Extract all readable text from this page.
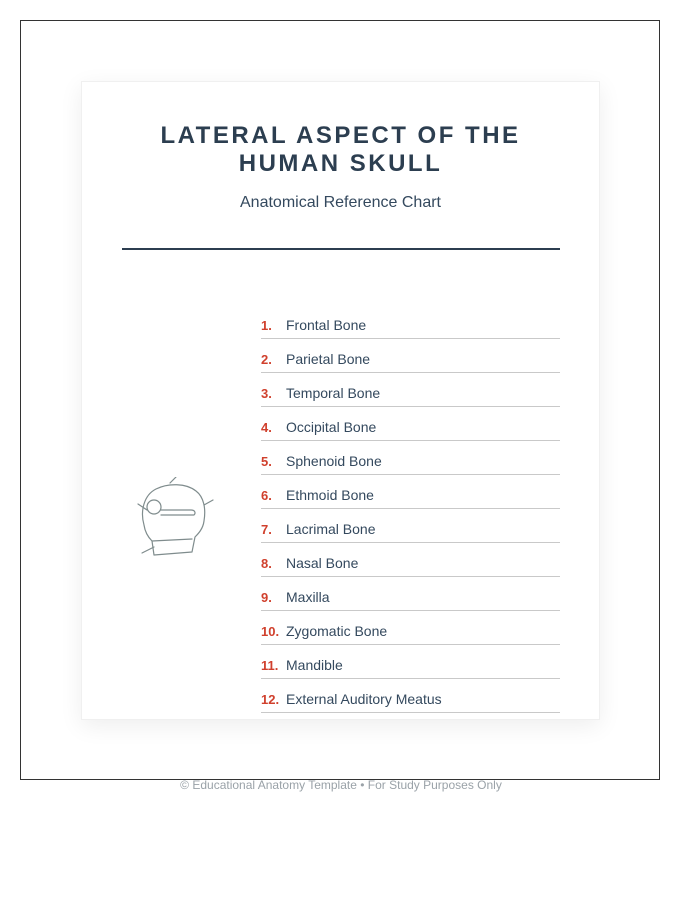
LATERAL ASPECT OF THE
HUMAN SKULL
Anatomical Reference Chart
1. Frontal Bone
2. Parietal Bone
3. Temporal Bone
4. Occipital Bone
5. Sphenoid Bone
6. Ethmoid Bone
7. Lacrimal Bone
8. Nasal Bone
9. Maxilla
10. Zygomatic Bone
11. Mandible
12. External Auditory Meatus
© Educational Anatomy Template • For Study Purposes Only
